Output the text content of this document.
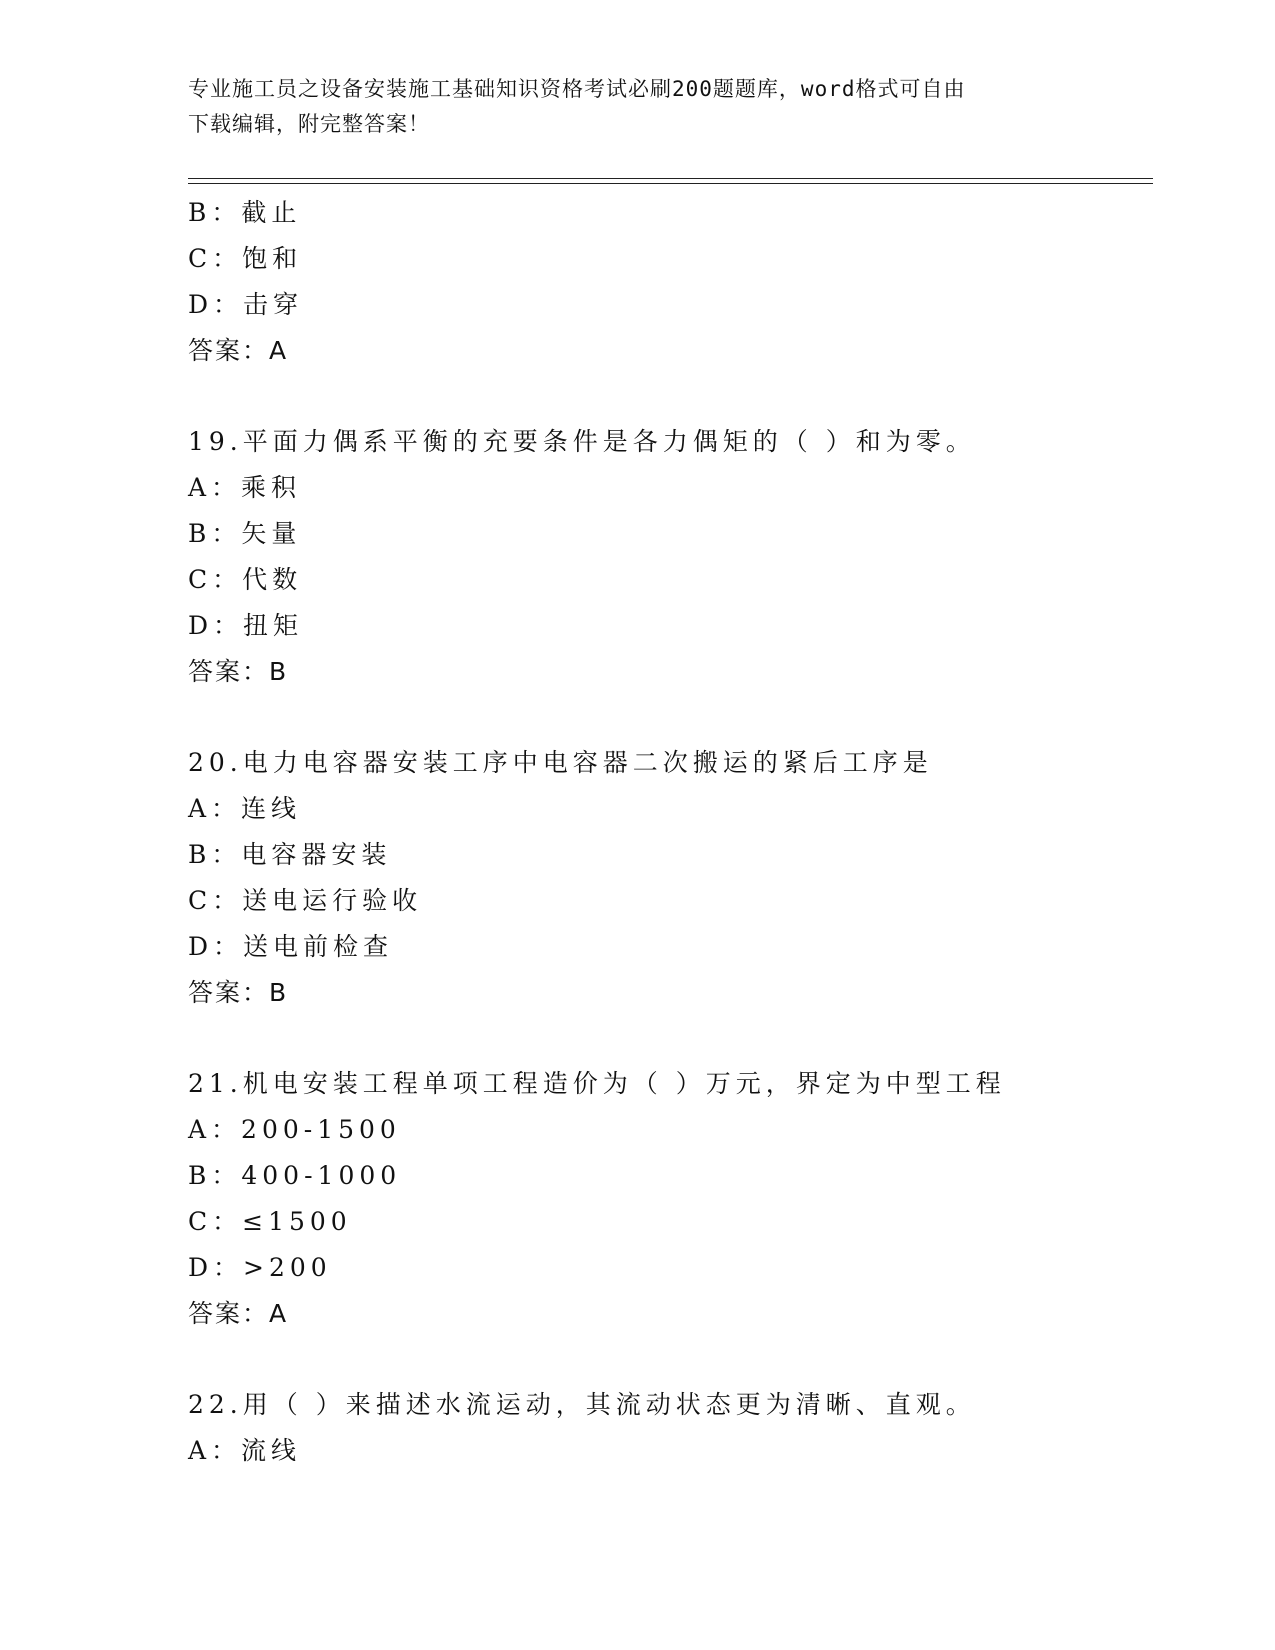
专业施工员之设备安装施工基础知识资格考试必刷200题题库，word格式可自由
下载编辑，附完整答案！
B：截止
C：饱和
D：击穿
答案：A
19.平面力偶系平衡的充要条件是各力偶矩的（ ）和为零。
A：乘积
B：矢量
C：代数
D：扭矩
答案：B
20.电力电容器安装工序中电容器二次搬运的紧后工序是
A：连线
B：电容器安装
C：送电运行验收
D：送电前检查
答案：B
21.机电安装工程单项工程造价为（ ）万元，界定为中型工程
A：200-1500
B：400-1000
C：≤1500
D：>200
答案：A
22.用（ ）来描述水流运动，其流动状态更为清晰、直观。
A：流线
